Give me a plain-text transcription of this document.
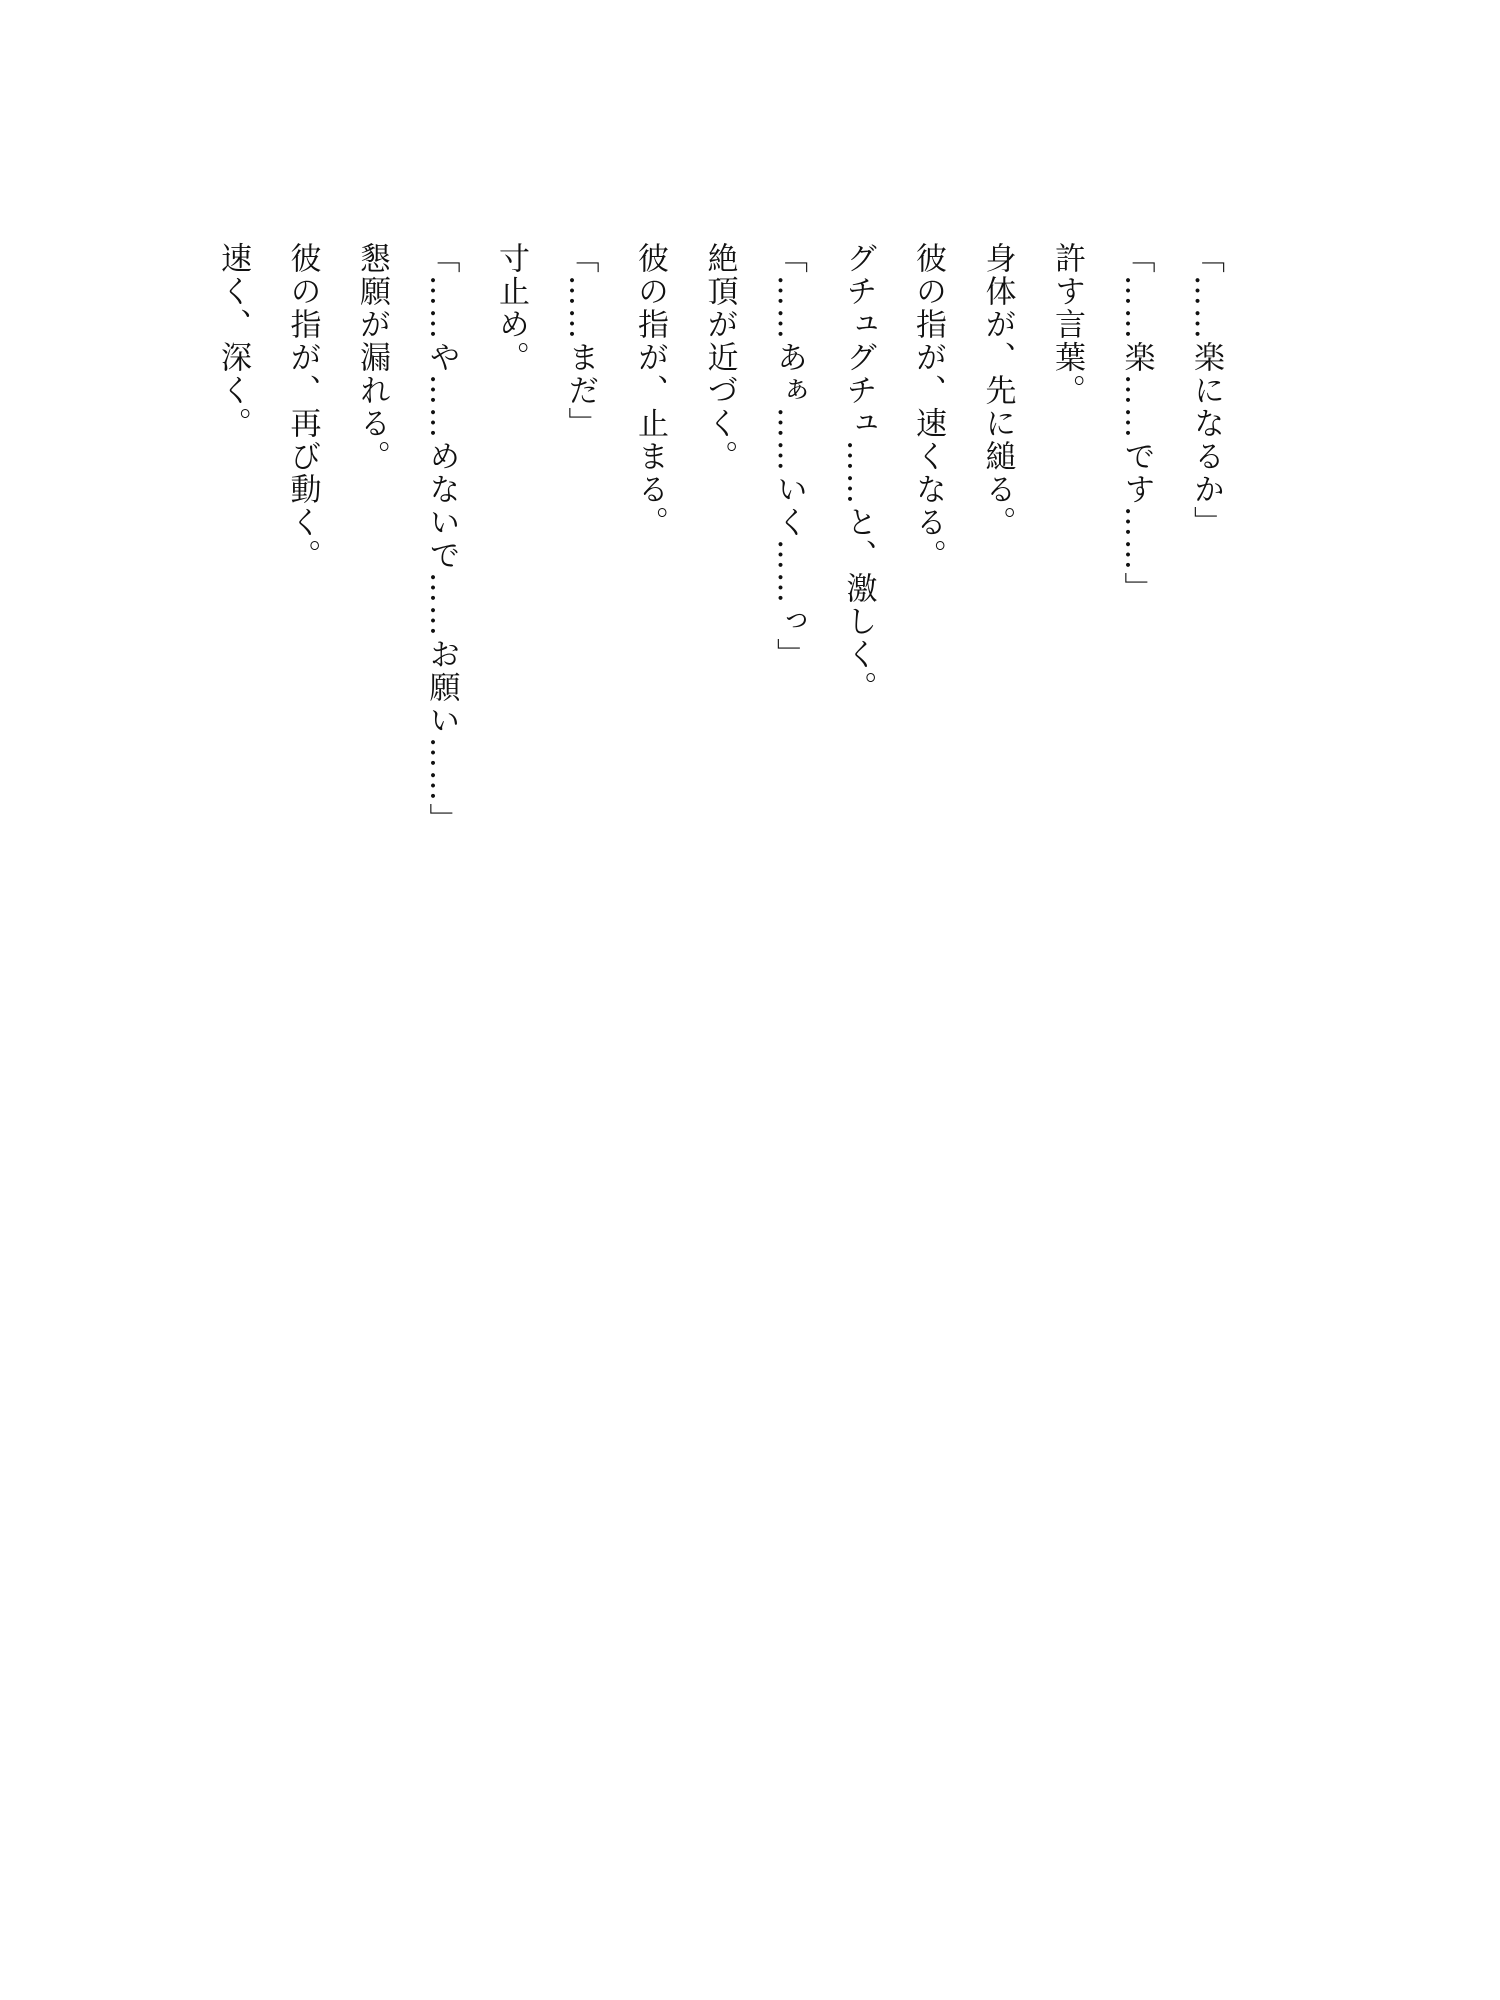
「……楽になるか」
「……楽……です……」
許す言葉。
身体が、先に縋る。
彼の指が、速くなる。
グチュグチュ……と、激しく。
「……あぁ……いく……っ」
絶頂が近づく。
彼の指が、止まる。
「……まだ」
寸止め。
「……や……めないで……お願い……」
懇願が漏れる。
彼の指が、再び動く。
速く、深く。
